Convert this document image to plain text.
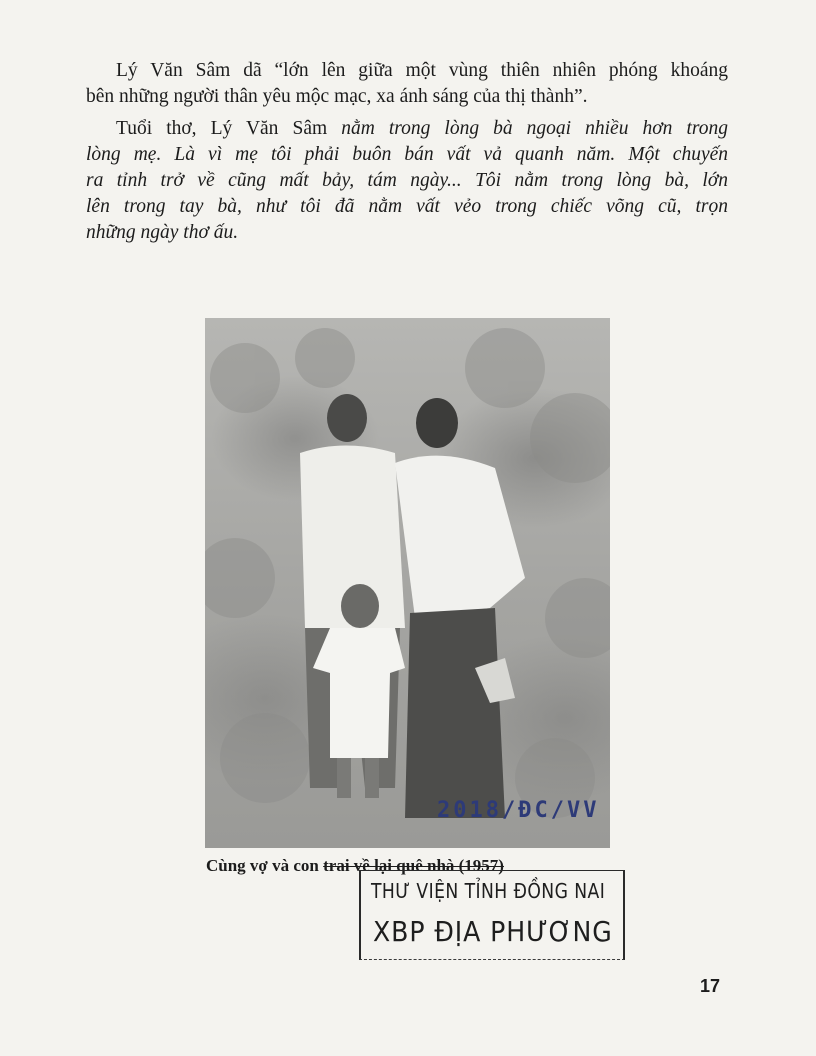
Lý Văn Sâm dã “lớn lên giữa một vùng thiên nhiên phóng khoáng
bên những người thân yêu mộc mạc, xa ánh sáng của thị thành”.

Tuổi thơ, Lý Văn Sâm nằm trong lòng bà ngoại nhiều hơn trong
lòng mẹ. Là vì mẹ tôi phải buôn bán vất vả quanh năm. Một chuyến
ra tỉnh trở về cũng mất bảy, tám ngày... Tôi nằm trong lòng bà, lớn
lên trong tay bà, như tôi đã nằm vất vẻo trong chiếc võng cũ, trọn
những ngày thơ ấu.

2018/ĐC/VV
Cùng vợ và con trai về lại quê nhà (1957)
THƯ VIỆN TỈNH ĐỒNG NAI
XBP ĐỊA PHƯƠNG
17
